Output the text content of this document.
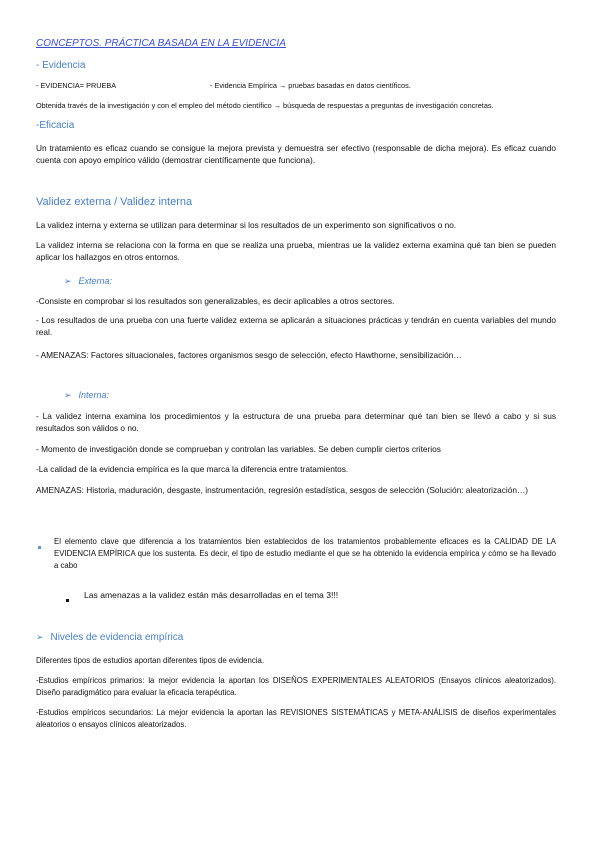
CONCEPTOS. PRÁCTICA BASADA EN LA EVIDENCIA
- Evidencia
- EVIDENCIA= PRUEBA	- Evidencia Empírica → pruebas basadas en datos científicos.
Obtenida través de la investigación y con el empleo del método científico → búsqueda de respuestas a preguntas de investigación concretas.
-Eficacia
Un tratamiento es eficaz cuando se consigue la mejora prevista y demuestra ser efectivo (responsable de dicha mejora). Es eficaz cuando cuenta con apoyo empírico válido (demostrar científicamente que funciona).
Validez externa / Validez interna
La validez interna y externa se utilizan para determinar si los resultados de un experimento son significativos o no.
La validez interna se relaciona con la forma en que se realiza una prueba, mientras ue la validez externa examina qué tan bien se pueden aplicar los hallazgos en otros entornos.
➢ Externa:
-Consiste en comprobar si los resultados son generalizables, es decir aplicables a otros sectores.
- Los resultados de una prueba con una fuerte validez externa se aplicarán a situaciones prácticas y tendrán en cuenta variables del mundo real.
- AMENAZAS: Factores situacionales, factores organismos sesgo de selección, efecto Hawthorne, sensibilización…
➢ Interna:
- La validez interna examina los procedimientos y la estructura de una prueba para determinar qué tan bien se llevó a cabo y si sus resultados son válidos o no.
- Momento de investigación donde se comprueban y controlan las variables. Se deben cumplir ciertos criterios
-La calidad de la evidencia empírica es la que marca la diferencia entre tratamientos.
AMENAZAS: Historia, maduración, desgaste, instrumentación, regresión estadística, sesgos de selección (Solución: aleatorización…)
El elemento clave que diferencia a los tratamientos bien establecidos de los tratamientos probablemente eficaces es la CALIDAD DE LA EVIDENCIA EMPÍRICA que los sustenta. Es decir, el tipo de estudio mediante el que se ha obtenido la evidencia empírica y cómo se ha llevado a cabo
Las amenazas a la validez están más desarrolladas en el tema 3!!!
➢ Niveles de evidencia empírica
Diferentes tipos de estudios aportan diferentes tipos de evidencia.
-Estudios empíricos primarios: la mejor evidencia la aportan los DISEÑOS EXPERIMENTALES ALEATORIOS (Ensayos clínicos aleatorizados). Diseño paradigmático para evaluar la eficacia terapéutica.
-Estudios empíricos secundarios: La mejor evidencia la aportan las REVISIONES SISTEMÁTICAS y META-ANÁLISIS de diseños experimentales aleatorios o ensayos clínicos aleatorizados.
